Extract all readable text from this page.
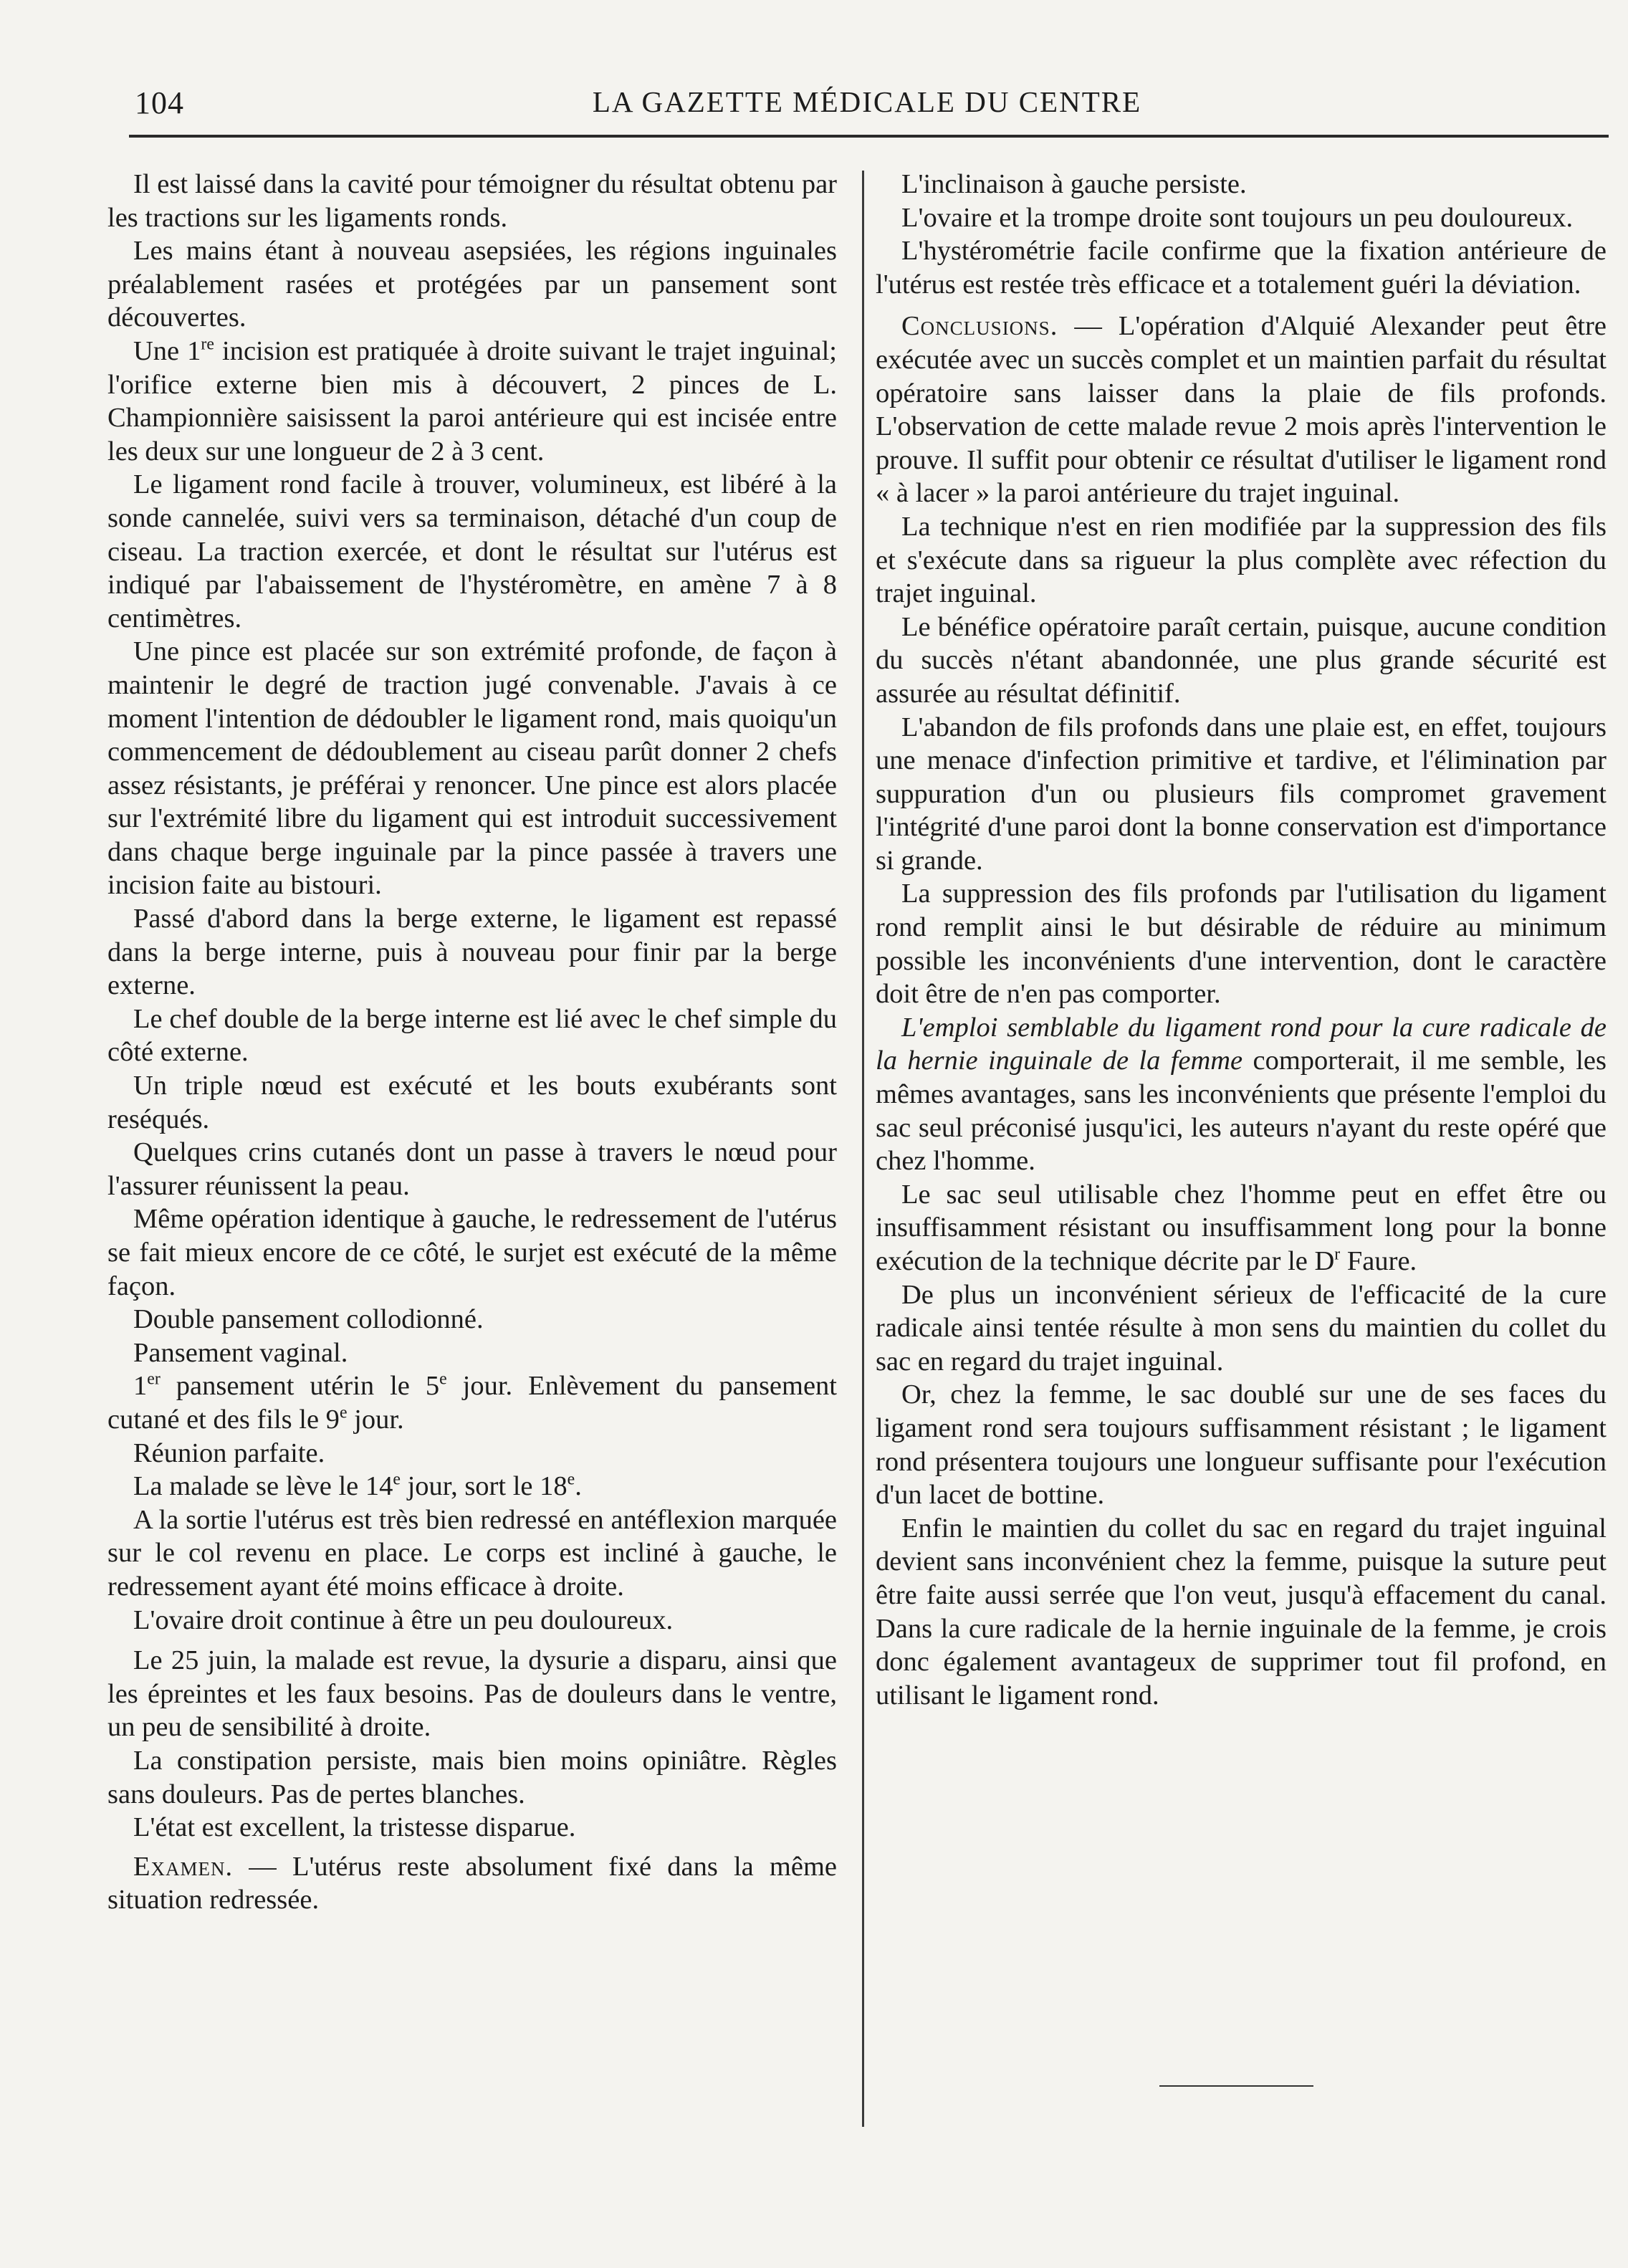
104	LA GAZETTE MÉDICALE DU CENTRE

Il est laissé dans la cavité pour témoigner du résultat obtenu par les tractions sur les ligaments ronds.

Les mains étant à nouveau asepsiées, les régions inguinales préalablement rasées et protégées par un pansement sont découvertes.

Une 1re incision est pratiquée à droite suivant le trajet inguinal; l'orifice externe bien mis à découvert, 2 pinces de L. Championnière saisissent la paroi antérieure qui est incisée entre les deux sur une longueur de 2 à 3 cent.

Le ligament rond facile à trouver, volumineux, est libéré à la sonde cannelée, suivi vers sa terminaison, détaché d'un coup de ciseau. La traction exercée, et dont le résultat sur l'utérus est indiqué par l'abaissement de l'hystéromètre, en amène 7 à 8 centimètres.

Une pince est placée sur son extrémité profonde, de façon à maintenir le degré de traction jugé convenable. J'avais à ce moment l'intention de dédoubler le ligament rond, mais quoiqu'un commencement de dédoublement au ciseau parût donner 2 chefs assez résistants, je préférai y renoncer. Une pince est alors placée sur l'extrémité libre du ligament qui est introduit successivement dans chaque berge inguinale par la pince passée à travers une incision faite au bistouri.

Passé d'abord dans la berge externe, le ligament est repassé dans la berge interne, puis à nouveau pour finir par la berge externe.

Le chef double de la berge interne est lié avec le chef simple du côté externe.

Un triple nœud est exécuté et les bouts exubérants sont reséqués.

Quelques crins cutanés dont un passe à travers le nœud pour l'assurer réunissent la peau.

Même opération identique à gauche, le redressement de l'utérus se fait mieux encore de ce côté, le surjet est exécuté de la même façon.

Double pansement collodionné.

Pansement vaginal.

1er pansement utérin le 5e jour. Enlèvement du pansement cutané et des fils le 9e jour.

Réunion parfaite.

La malade se lève le 14e jour, sort le 18e.

A la sortie l'utérus est très bien redressé en antéflexion marquée sur le col revenu en place. Le corps est incliné à gauche, le redressement ayant été moins efficace à droite.

L'ovaire droit continue à être un peu douloureux.

Le 25 juin, la malade est revue, la dysurie a disparu, ainsi que les épreintes et les faux besoins. Pas de douleurs dans le ventre, un peu de sensibilité à droite.

La constipation persiste, mais bien moins opiniâtre. Règles sans douleurs. Pas de pertes blanches.

L'état est excellent, la tristesse disparue.

Examen. — L'utérus reste absolument fixé dans la même situation redressée.

L'inclinaison à gauche persiste.

L'ovaire et la trompe droite sont toujours un peu douloureux.

L'hystérométrie facile confirme que la fixation antérieure de l'utérus est restée très efficace et a totalement guéri la déviation.

Conclusions. — L'opération d'Alquié Alexander peut être exécutée avec un succès complet et un maintien parfait du résultat opératoire sans laisser dans la plaie de fils profonds. L'observation de cette malade revue 2 mois après l'intervention le prouve. Il suffit pour obtenir ce résultat d'utiliser le ligament rond « à lacer » la paroi antérieure du trajet inguinal.

La technique n'est en rien modifiée par la suppression des fils et s'exécute dans sa rigueur la plus complète avec réfection du trajet inguinal.

Le bénéfice opératoire paraît certain, puisque, aucune condition du succès n'étant abandonnée, une plus grande sécurité est assurée au résultat définitif.

L'abandon de fils profonds dans une plaie est, en effet, toujours une menace d'infection primitive et tardive, et l'élimination par suppuration d'un ou plusieurs fils compromet gravement l'intégrité d'une paroi dont la bonne conservation est d'importance si grande.

La suppression des fils profonds par l'utilisation du ligament rond remplit ainsi le but désirable de réduire au minimum possible les inconvénients d'une intervention, dont le caractère doit être de n'en pas comporter.

L'emploi semblable du ligament rond pour la cure radicale de la hernie inguinale de la femme comporterait, il me semble, les mêmes avantages, sans les inconvénients que présente l'emploi du sac seul préconisé jusqu'ici, les auteurs n'ayant du reste opéré que chez l'homme.

Le sac seul utilisable chez l'homme peut en effet être ou insuffisamment résistant ou insuffisamment long pour la bonne exécution de la technique décrite par le $D^r$ Faure.

De plus un inconvénient sérieux de l'efficacité de la cure radicale ainsi tentée résulte à mon sens du maintien du collet du sac en regard du trajet inguinal.

Or, chez la femme, le sac doublé sur une de ses faces du ligament rond sera toujours suffisamment résistant ; le ligament rond présentera toujours une longueur suffisante pour l'exécution d'un lacet de bottine.

Enfin le maintien du collet du sac en regard du trajet inguinal devient sans inconvénient chez la femme, puisque la suture peut être faite aussi serrée que l'on veut, jusqu'à effacement du canal. Dans la cure radicale de la hernie inguinale de la femme, je crois donc également avantageux de supprimer tout fil profond, en utilisant le ligament rond.
